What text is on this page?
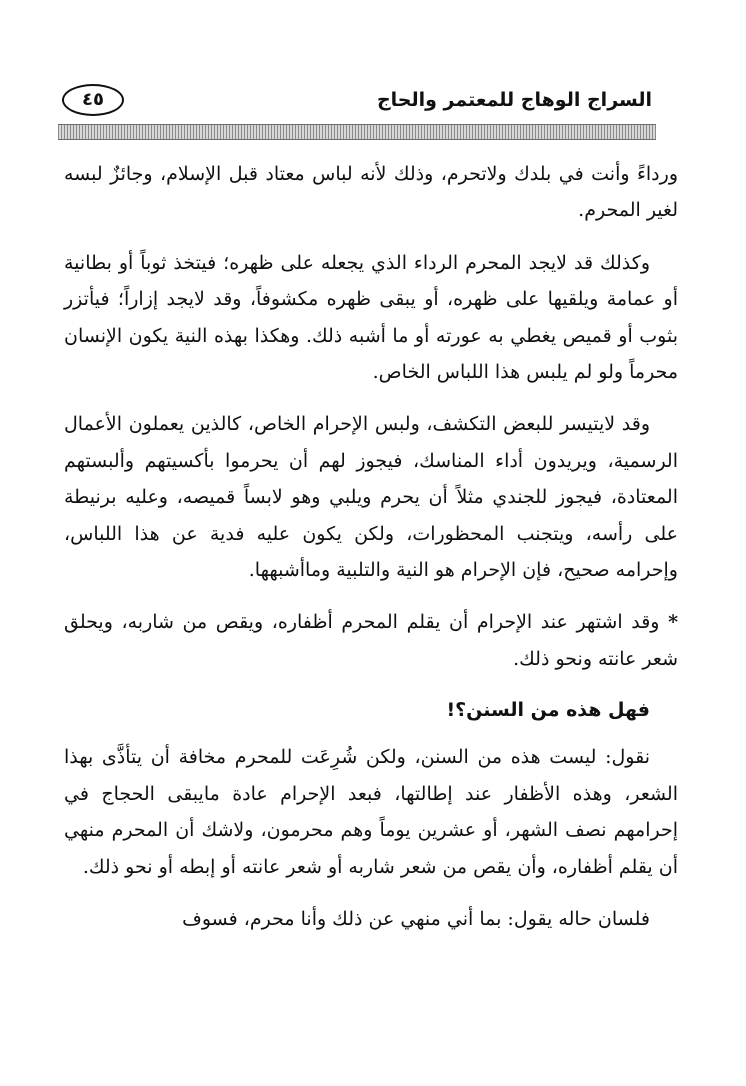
٤٥	السراج الوهاج للمعتمر والحاج

ورداءً وأنت في بلدك ولاتحرم، وذلك لأنه لباس معتاد قبل الإسلام، وجائزٌ لبسه لغير المحرم.

وكذلك قد لايجد المحرم الرداء الذي يجعله على ظهره؛ فيتخذ ثوباً أو بطانية أو عمامة ويلقيها على ظهره، أو يبقى ظهره مكشوفاً، وقد لايجد إزاراً؛ فيأتزر بثوب أو قميص يغطي به عورته أو ما أشبه ذلك. وهكذا بهذه النية يكون الإنسان محرماً ولو لم يلبس هذا اللباس الخاص.

وقد لايتيسر للبعض التكشف، ولبس الإحرام الخاص، كالذين يعملون الأعمال الرسمية، ويريدون أداء المناسك، فيجوز لهم أن يحرموا بأكسيتهم وألبستهم المعتادة، فيجوز للجندي مثلاً أن يحرم ويلبي وهو لابساً قميصه، وعليه برنيطة على رأسه، ويتجنب المحظورات، ولكن يكون عليه فدية عن هذا اللباس، وإحرامه صحيح، فإن الإحرام هو النية والتلبية وماأشبهها.

* وقد اشتهر عند الإحرام أن يقلم المحرم أظفاره، ويقص من شاربه، ويحلق شعر عانته ونحو ذلك.

فهل هذه من السنن؟!

نقول: ليست هذه من السنن، ولكن شُرِعَت للمحرم مخافة أن يتأذَّى بهذا الشعر، وهذه الأظفار عند إطالتها، فبعد الإحرام عادة مايبقى الحجاج في إحرامهم نصف الشهر، أو عشرين يوماً وهم محرمون، ولاشك أن المحرم منهي أن يقلم أظفاره، وأن يقص من شعر شاربه أو شعر عانته أو إبطه أو نحو ذلك.

فلسان حاله يقول: بما أني منهي عن ذلك وأنا محرم، فسوف
